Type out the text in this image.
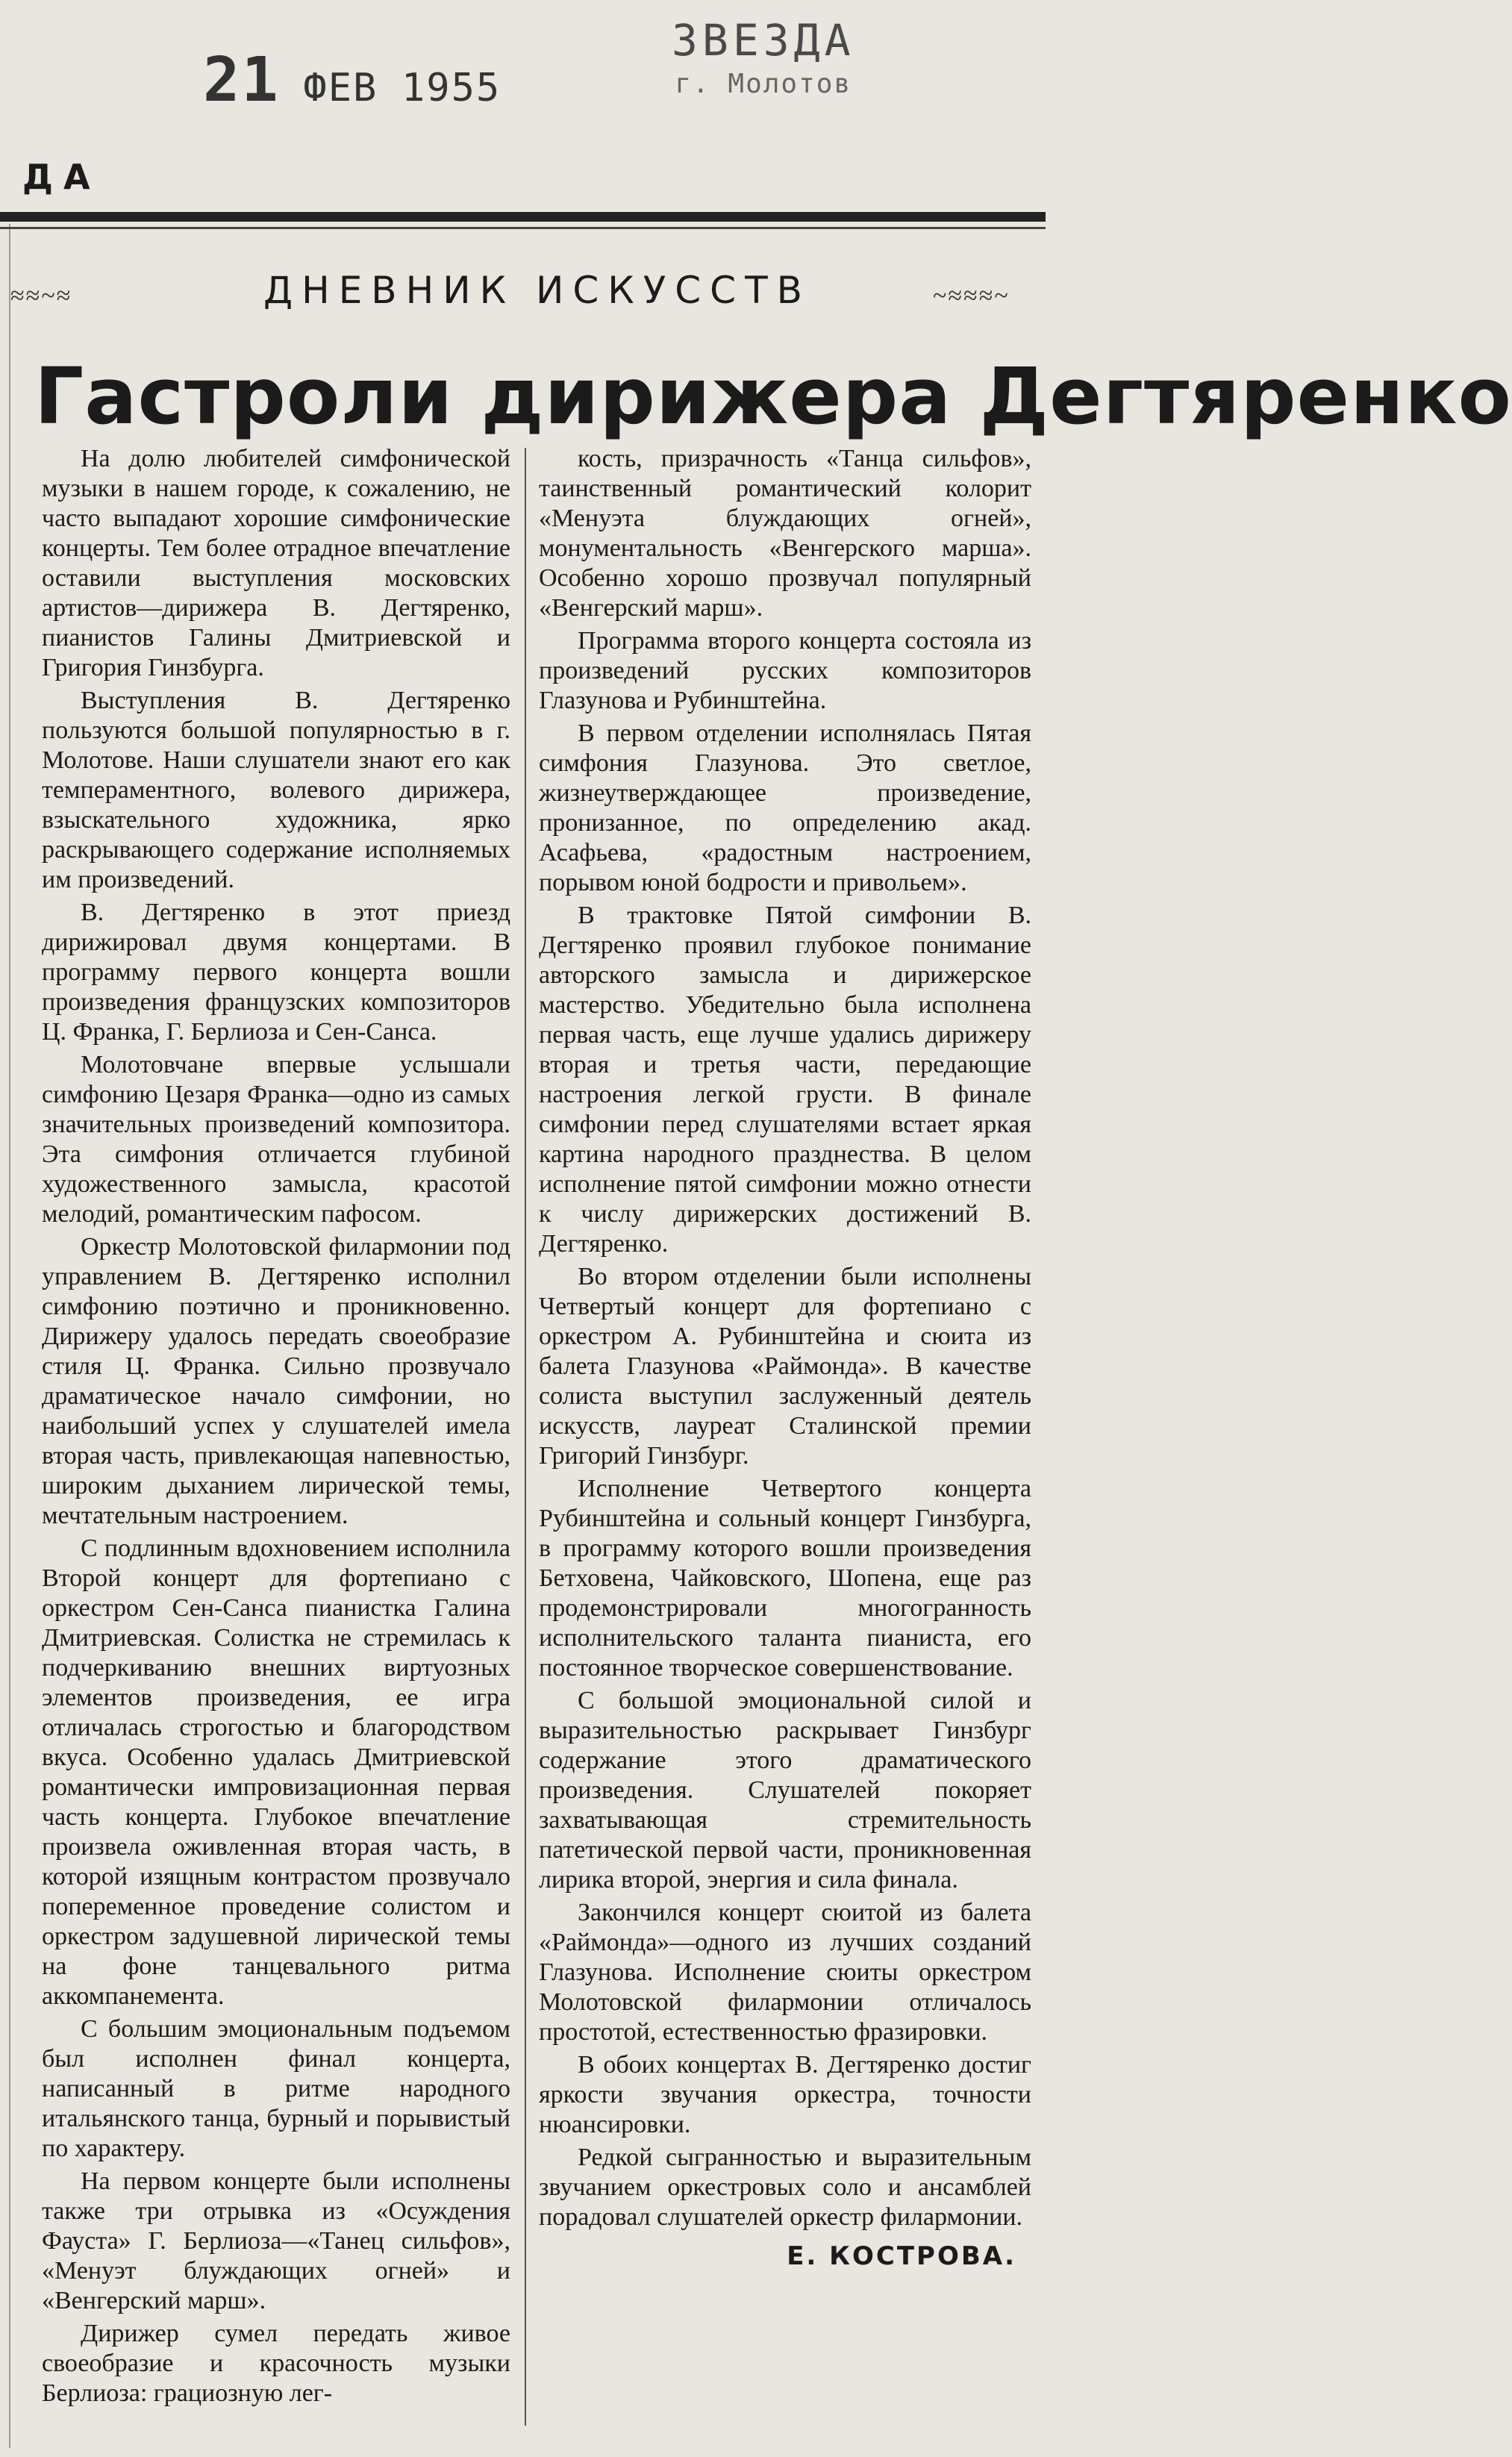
21 ФЕВ 1955
ЗВЕЗДА
г. Молотов
ДА
≈≈~≈	~≈≈≈~
ДНЕВНИК ИСКУССТВ
Гастроли дирижера Дегтяренко

На долю любителей симфонической музыки в нашем городе, к сожалению, не часто выпадают хорошие симфонические концерты. Тем более отрадное впечатление оставили выступления московских артистов—дирижера В. Дегтяренко, пианистов Галины Дмитриевской и Григория Гинзбурга.

Выступления В. Дегтяренко пользуются большой популярностью в г. Молотове. Наши слушатели знают его как темпераментного, волевого дирижера, взыскательного художника, ярко раскрывающего содержание исполняемых им произведений.

В. Дегтяренко в этот приезд дирижировал двумя концертами. В программу первого концерта вошли произведения французских композиторов Ц. Франка, Г. Берлиоза и Сен-Санса.

Молотовчане впервые услышали симфонию Цезаря Франка—одно из самых значительных произведений композитора. Эта симфония отличается глубиной художественного замысла, красотой мелодий, романтическим пафосом.

Оркестр Молотовской филармонии под управлением В. Дегтяренко исполнил симфонию поэтично и проникновенно. Дирижеру удалось передать своеобразие стиля Ц. Франка. Сильно прозвучало драматическое начало симфонии, но наибольший успех у слушателей имела вторая часть, привлекающая напевностью, широким дыханием лирической темы, мечтательным настроением.

С подлинным вдохновением исполнила Второй концерт для фортепиано с оркестром Сен-Санса пианистка Галина Дмитриевская. Солистка не стремилась к подчеркиванию внешних виртуозных элементов произведения, ее игра отличалась строгостью и благородством вкуса. Особенно удалась Дмитриевской романтически импровизационная первая часть концерта. Глубокое впечатление произвела оживленная вторая часть, в которой изящным контрастом прозвучало попеременное проведение солистом и оркестром задушевной лирической темы на фоне танцевального ритма аккомпанемента.

С большим эмоциональным подъемом был исполнен финал концерта, написанный в ритме народного итальянского танца, бурный и порывистый по характеру.

На первом концерте были исполнены также три отрывка из «Осуждения Фауста» Г. Берлиоза—«Танец сильфов», «Менуэт блуждающих огней» и «Венгерский марш».

Дирижер сумел передать живое своеобразие и красочность музыки Берлиоза: грациозную лег-

кость, призрачность «Танца сильфов», таинственный романтический колорит «Менуэта блуждающих огней», монументальность «Венгерского марша». Особенно хорошо прозвучал популярный «Венгерский марш».

Программа второго концерта состояла из произведений русских композиторов Глазунова и Рубинштейна.

В первом отделении исполнялась Пятая симфония Глазунова. Это светлое, жизнеутверждающее произведение, пронизанное, по определению акад. Асафьева, «радостным настроением, порывом юной бодрости и привольем».

В трактовке Пятой симфонии В. Дегтяренко проявил глубокое понимание авторского замысла и дирижерское мастерство. Убедительно была исполнена первая часть, еще лучше удались дирижеру вторая и третья части, передающие настроения легкой грусти. В финале симфонии перед слушателями встает яркая картина народного празднества. В целом исполнение пятой симфонии можно отнести к числу дирижерских достижений В. Дегтяренко.

Во втором отделении были исполнены Четвертый концерт для фортепиано с оркестром А. Рубинштейна и сюита из балета Глазунова «Раймонда». В качестве солиста выступил заслуженный деятель искусств, лауреат Сталинской премии Григорий Гинзбург.

Исполнение Четвертого концерта Рубинштейна и сольный концерт Гинзбурга, в программу которого вошли произведения Бетховена, Чайковского, Шопена, еще раз продемонстрировали многогранность исполнительского таланта пианиста, его постоянное творческое совершенствование.

С большой эмоциональной силой и выразительностью раскрывает Гинзбург содержание этого драматического произведения. Слушателей покоряет захватывающая стремительность патетической первой части, проникновенная лирика второй, энергия и сила финала.

Закончился концерт сюитой из балета «Раймонда»—одного из лучших созданий Глазунова. Исполнение сюиты оркестром Молотовской филармонии отличалось простотой, естественностью фразировки.

В обоих концертах В. Дегтяренко достиг яркости звучания оркестра, точности нюансировки.

Редкой сыгранностью и выразительным звучанием оркестровых соло и ансамблей порадовал слушателей оркестр филармонии.

Е. КОСТРОВА.
